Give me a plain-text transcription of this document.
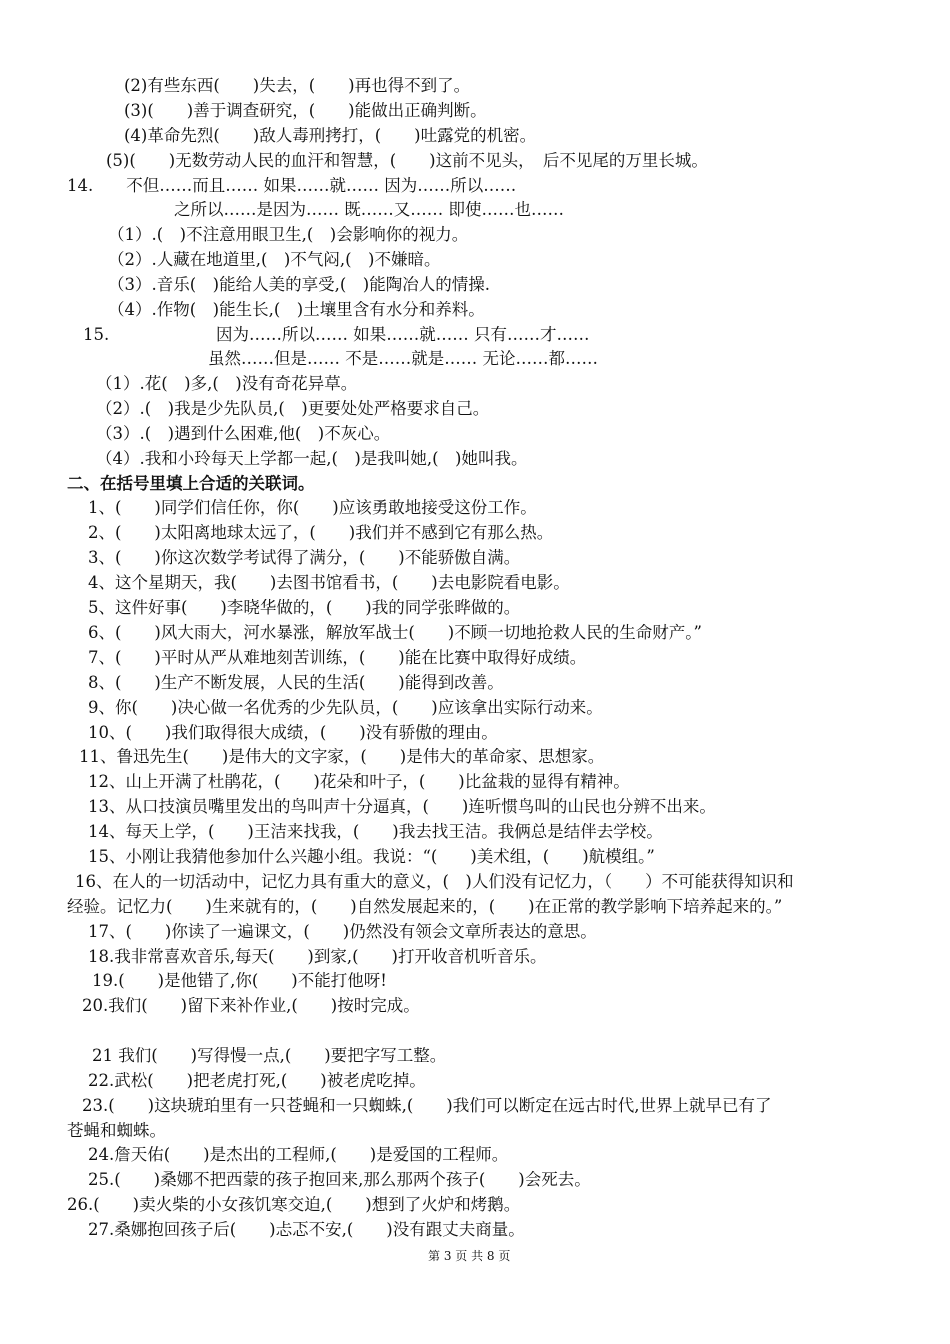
(2)有些东西(　　)失去，(　　)再也得不到了。
(3)(　　)善于调查研究，(　　)能做出正确判断。
(4)革命先烈(　　)敌人毒刑拷打，(　　)吐露党的机密。
(5)(　　)无数劳动人民的血汗和智慧，(　　)这前不见头，　后不见尾的万里长城。
14.　　不但……而且…… 如果……就…… 因为……所以……
之所以……是因为…… 既……又…… 即使……也……
（1）.(　)不注意用眼卫生,(　)会影响你的视力。
（2）.人藏在地道里,(　)不气闷,(　)不嫌暗。
（3）.音乐(　)能给人美的享受,(　)能陶冶人的情操.
（4）.作物(　)能生长,(　)土壤里含有水分和养料。
15.	因为……所以…… 如果……就…… 只有……才……
虽然……但是…… 不是……就是…… 无论……都……
（1）.花(　)多,(　)没有奇花异草。
（2）.(　)我是少先队员,(　)更要处处严格要求自己。
（3）.(　)遇到什么困难,他(　)不灰心。
（4）.我和小玲每天上学都一起,(　)是我叫她,(　)她叫我。
二、在括号里填上合适的关联词。
1、(　　)同学们信任你，你(　　)应该勇敢地接受这份工作。
2、(　　)太阳离地球太远了，(　　)我们并不感到它有那么热。
3、(　　)你这次数学考试得了满分，(　　)不能骄傲自满。
4、这个星期天，我(　　)去图书馆看书，(　　)去电影院看电影。
5、这件好事(　　)李晓华做的，(　　)我的同学张晔做的。
6、(　　)风大雨大，河水暴涨，解放军战士(　　)不顾一切地抢救人民的生命财产。”
7、(　　)平时从严从难地刻苦训练，(　　)能在比赛中取得好成绩。
8、(　　)生产不断发展，人民的生活(　　)能得到改善。
9、你(　　)决心做一名优秀的少先队员，(　　)应该拿出实际行动来。
10、(　　)我们取得很大成绩，(　　)没有骄傲的理由。
11、鲁迅先生(　　)是伟大的文字家，(　　)是伟大的革命家、思想家。
12、山上开满了杜鹃花，(　　)花朵和叶子，(　　)比盆栽的显得有精神。
13、从口技演员嘴里发出的鸟叫声十分逼真，(　　)连听惯鸟叫的山民也分辨不出来。
14、每天上学，(　　)王洁来找我，(　　)我去找王洁。我俩总是结伴去学校。
15、小刚让我猜他参加什么兴趣小组。我说：“(　　)美术组，(　　)航模组。”
16、在人的一切活动中，记忆力具有重大的意义，(　)人们没有记忆力，（　　）不可能获得知识和
经验。记忆力(　　)生来就有的，(　　)自然发展起来的，(　　)在正常的教学影响下培养起来的。”
17、(　　)你读了一遍课文，(　　)仍然没有领会文章所表达的意思。
18.我非常喜欢音乐,每天(　　)到家,(　　)打开收音机听音乐。
19.(　　)是他错了,你(　　)不能打他呀!
20.我们(　　)留下来补作业,(　　)按时完成。
21 我们(　　)写得慢一点,(　　)要把字写工整。
22.武松(　　)把老虎打死,(　　)被老虎吃掉。
23.(　　)这块琥珀里有一只苍蝇和一只蜘蛛,(　　)我们可以断定在远古时代,世界上就早已有了
苍蝇和蜘蛛。
24.詹天佑(　　)是杰出的工程师,(　　)是爱国的工程师。
25.(　　)桑娜不把西蒙的孩子抱回来,那么那两个孩子(　　)会死去。
26.(　　)卖火柴的小女孩饥寒交迫,(　　)想到了火炉和烤鹅。
27.桑娜抱回孩子后(　　)忐忑不安,(　　)没有跟丈夫商量。
第 3 页 共 8 页
